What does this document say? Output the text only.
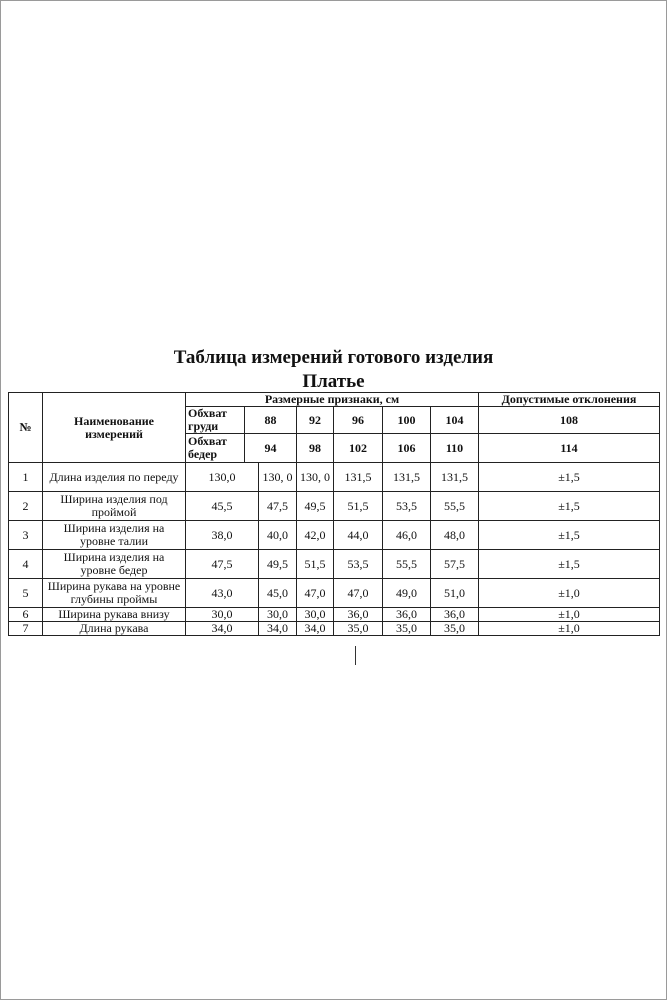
Таблица измерений готового изделия
Платье
№	Наименование измерений	Размерные признаки, см							Допустимые отклонения	
		Обхват груди	88		92	96	100	104	108	
		Обхват бедер	94		98	102	106	110	114	
1	Длина изделия по переду	130,0		130, 0	130, 0	131,5	131,5	131,5	±1,5	
2	Ширина изделия под проймой	45,5		47,5	49,5	51,5	53,5	55,5	±1,5	
3	Ширина изделия на уровне талии	38,0		40,0	42,0	44,0	46,0	48,0	±1,5	
4	Ширина изделия на уровне бедер	47,5		49,5	51,5	53,5	55,5	57,5	±1,5	
5	Ширина рукава на уровне глубины проймы	43,0		45,0	47,0	47,0	49,0	51,0	±1,0	
6	Ширина рукава внизу	30,0		30,0	30,0	36,0	36,0	36,0	±1,0	
7	Длина рукава	34,0		34,0	34,0	35,0	35,0	35,0	±1,0	
